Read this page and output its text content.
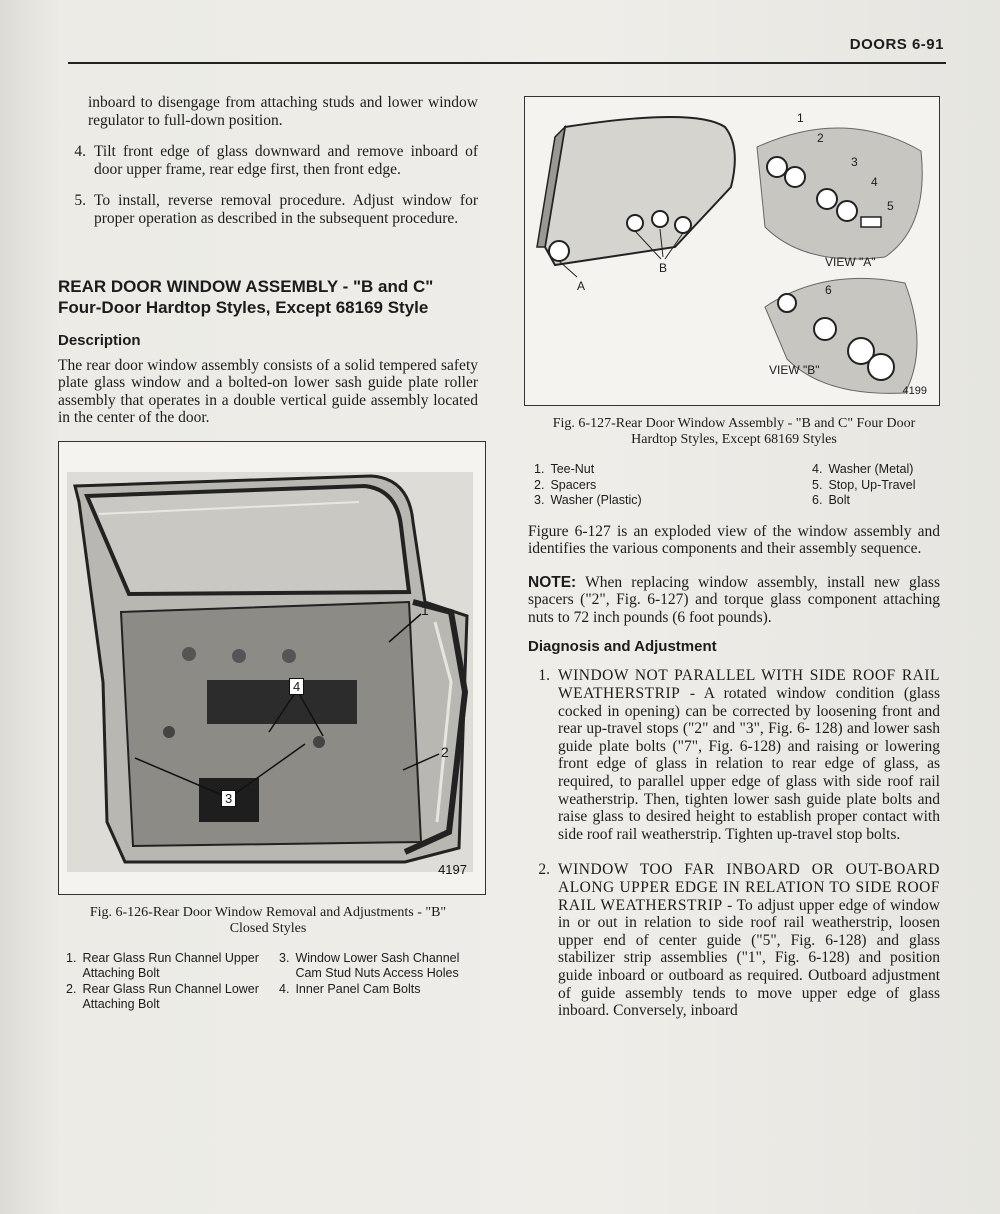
DOORS 6-91
inboard to disengage from attaching studs and lower window regulator to full-down position.
4. Tilt front edge of glass downward and remove inboard of door upper frame, rear edge first, then front edge.
5. To install, reverse removal procedure. Adjust window for proper operation as described in the subsequent procedure.
REAR DOOR WINDOW ASSEMBLY - "B and C" Four-Door Hardtop Styles, Except 68169 Style
Description
The rear door window assembly consists of a solid tempered safety plate glass window and a bolted-on lower sash guide plate roller assembly that operates in a double vertical guide assembly located in the center of the door.
1
2
3
4
4197
Fig. 6-126-Rear Door Window Removal and Adjustments - "B" Closed Styles
1. Rear Glass Run Channel Upper Attaching Bolt
2. Rear Glass Run Channel Lower Attaching Bolt
3. Window Lower Sash Channel Cam Stud Nuts Access Holes
4. Inner Panel Cam Bolts
A
B	VIEW "A"
VIEW "B"
1
2
3
4
5
6
4199
Fig. 6-127-Rear Door Window Assembly - "B and C" Four Door Hardtop Styles, Except 68169 Styles
1. Tee-Nut
2. Spacers
3. Washer (Plastic)
4. Washer (Metal)
5. Stop, Up-Travel
6. Bolt
Figure 6-127 is an exploded view of the window assembly and identifies the various components and their assembly sequence.
NOTE: When replacing window assembly, install new glass spacers ("2", Fig. 6-127) and torque glass component attaching nuts to 72 inch pounds (6 foot pounds).
Diagnosis and Adjustment
1. WINDOW NOT PARALLEL WITH SIDE ROOF RAIL WEATHERSTRIP - A rotated window condition (glass cocked in opening) can be corrected by loosening front and rear up-travel stops ("2" and "3", Fig. 6- 128) and lower sash guide plate bolts ("7", Fig. 6-128) and raising or lowering front edge of glass in relation to rear edge of glass, as required, to parallel upper edge of glass with side roof rail weatherstrip. Then, tighten lower sash guide plate bolts and raise glass to desired height to establish proper contact with side roof rail weatherstrip. Tighten up-travel stop bolts.
2. WINDOW TOO FAR INBOARD OR OUT-BOARD ALONG UPPER EDGE IN RELATION TO SIDE ROOF RAIL WEATHERSTRIP - To adjust upper edge of window in or out in relation to side roof rail weatherstrip, loosen upper end of center guide ("5", Fig. 6-128) and glass stabilizer strip assemblies ("1", Fig. 6-128) and position guide inboard or outboard as required. Outboard adjustment of guide assembly tends to move upper edge of glass inboard. Conversely, inboard
